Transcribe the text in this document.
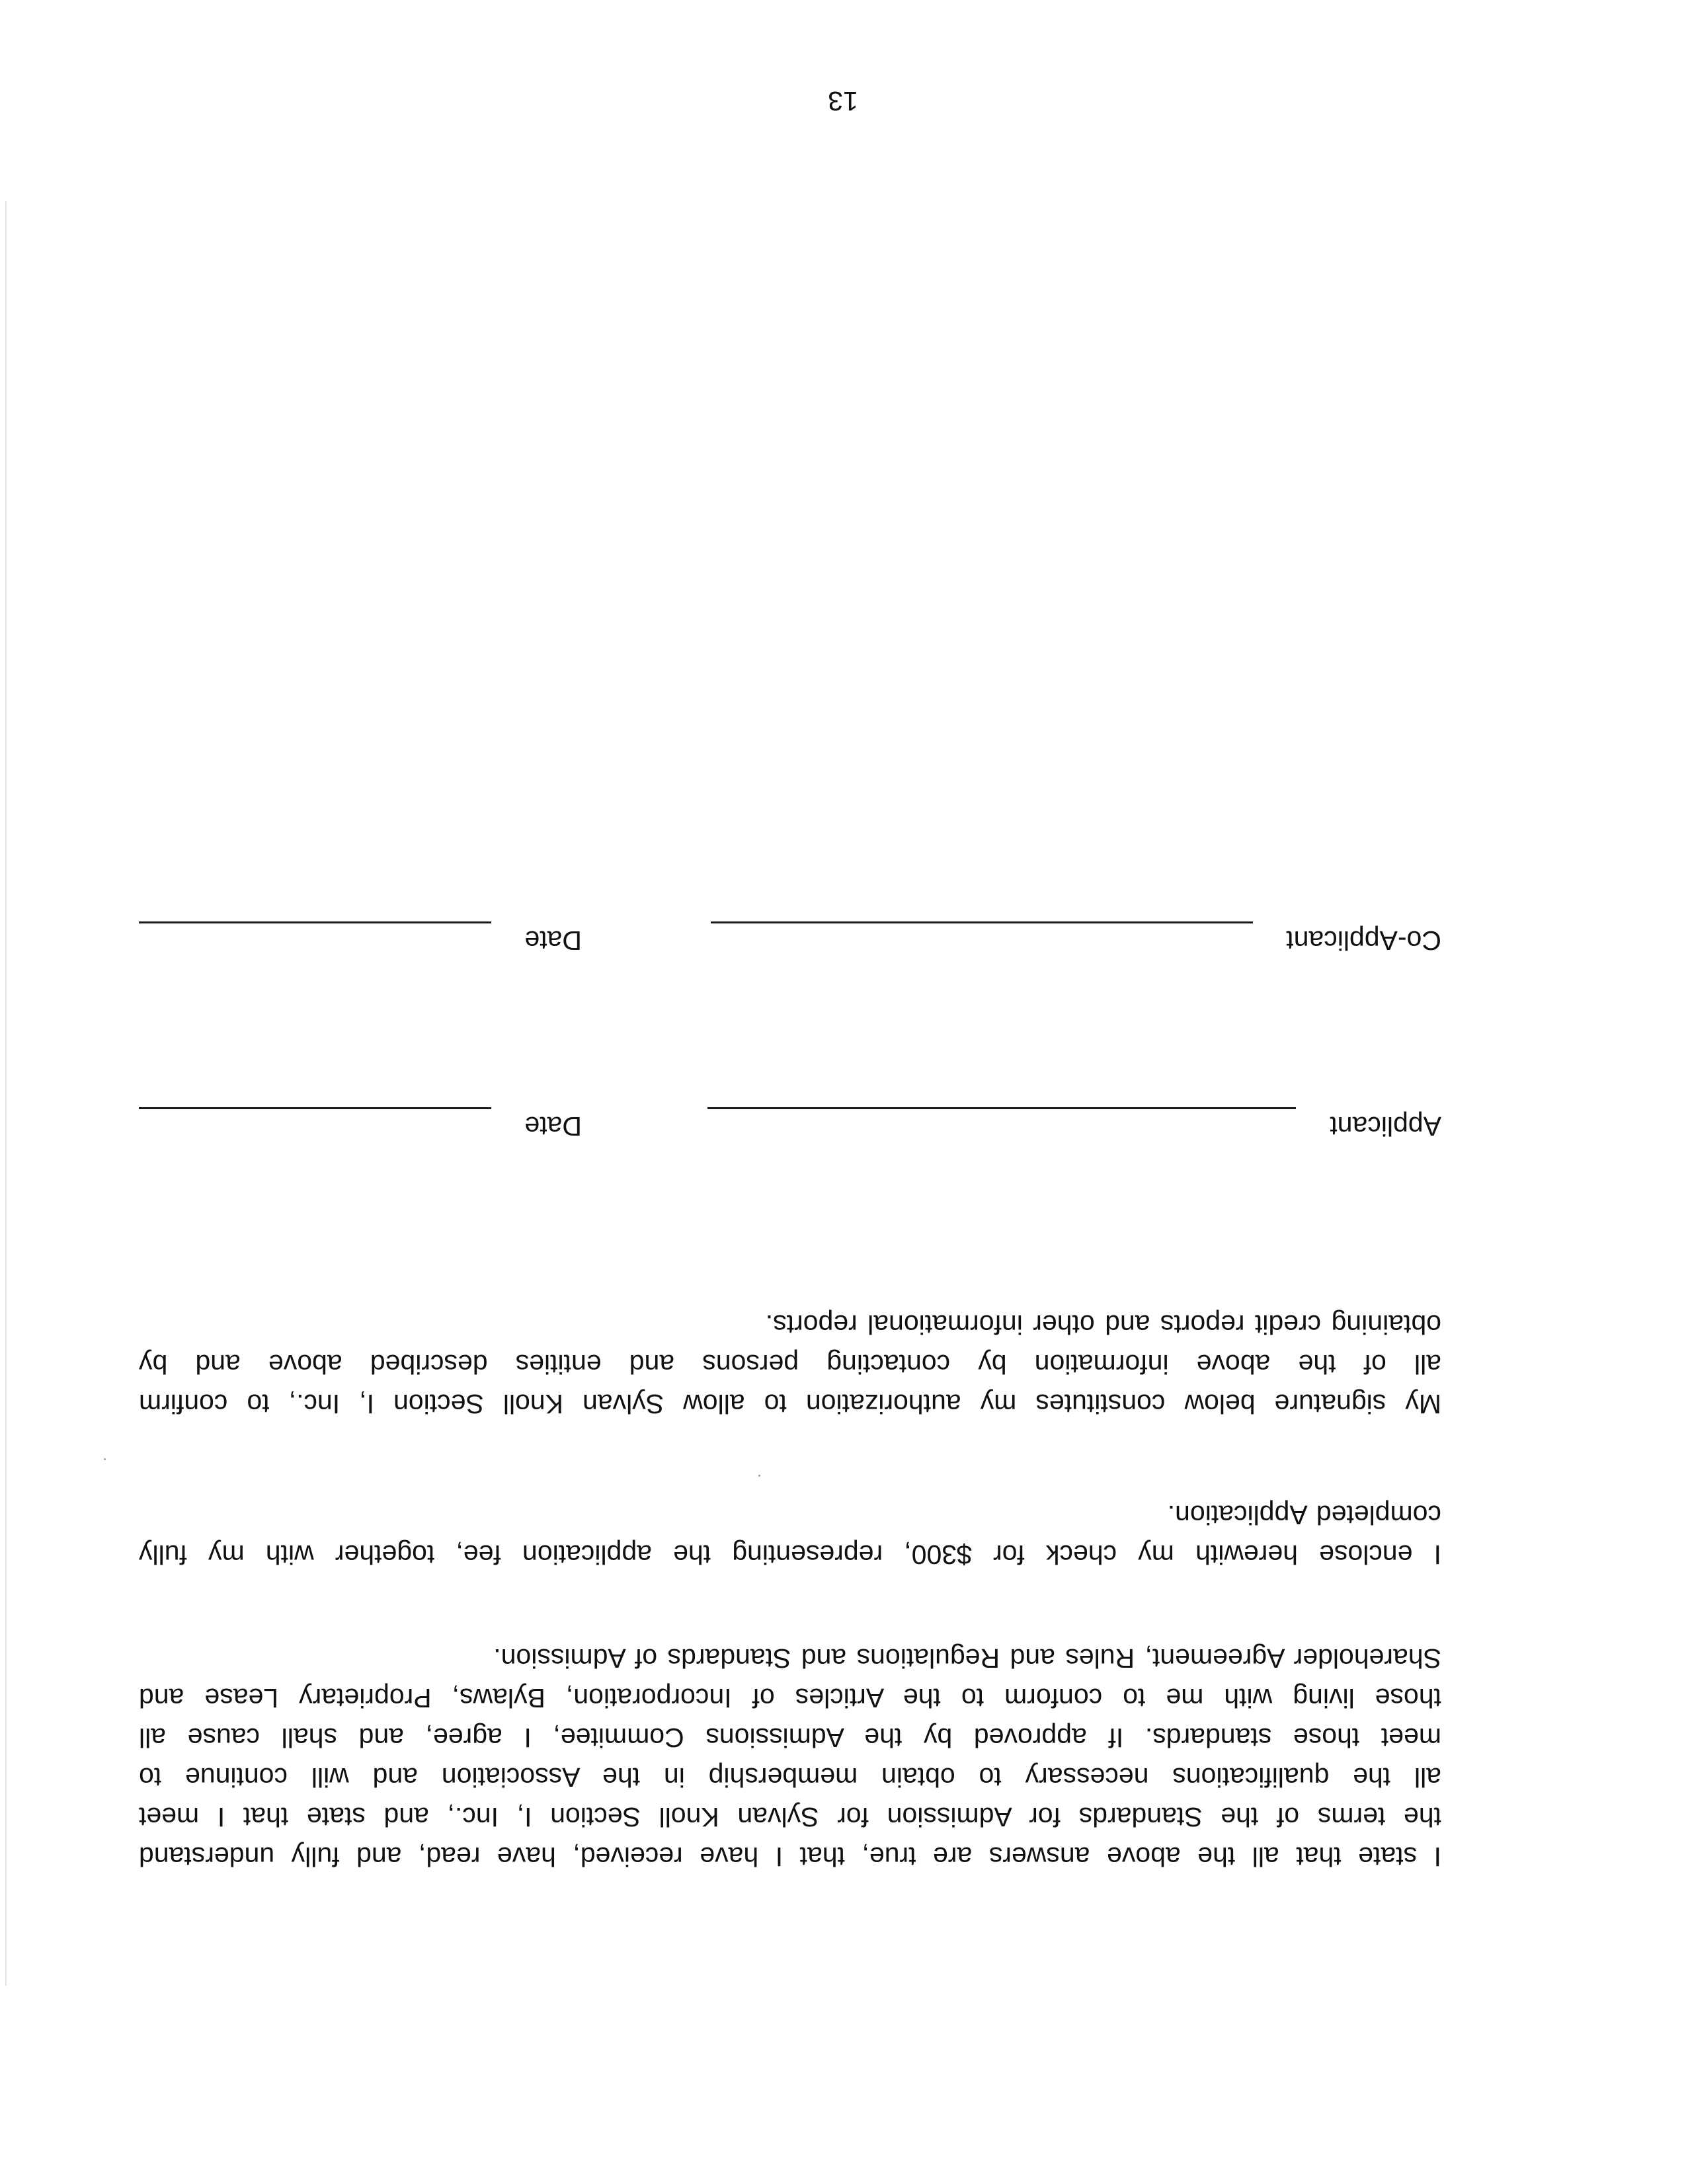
I state that all the above answers are true, that I have received, have read, and fully understand
the terms of the Standards for Admission for Sylvan Knoll Section I, Inc., and state that I meet
all the qualifications necessary to obtain membership in the Association and will continue to
meet those standards. If approved by the Admissions Commitee, I agree, and shall cause all
those living with me to conform to the Articles of Incorporation, Bylaws, Proprietary Lease and
Shareholder Agreement, Rules and Regulations and Standards of Admission.
I enclose herewith my check for $300, representing the application fee, together with my fully
completed Application.
My signature below constitutes my authorization to allow Sylvan Knoll Section I, Inc., to confirm
all of the above information by contacting persons and entities described above and by
obtaining credit reports and other informational reports.
Applicant
Date
Co-Applicant
Date
13
